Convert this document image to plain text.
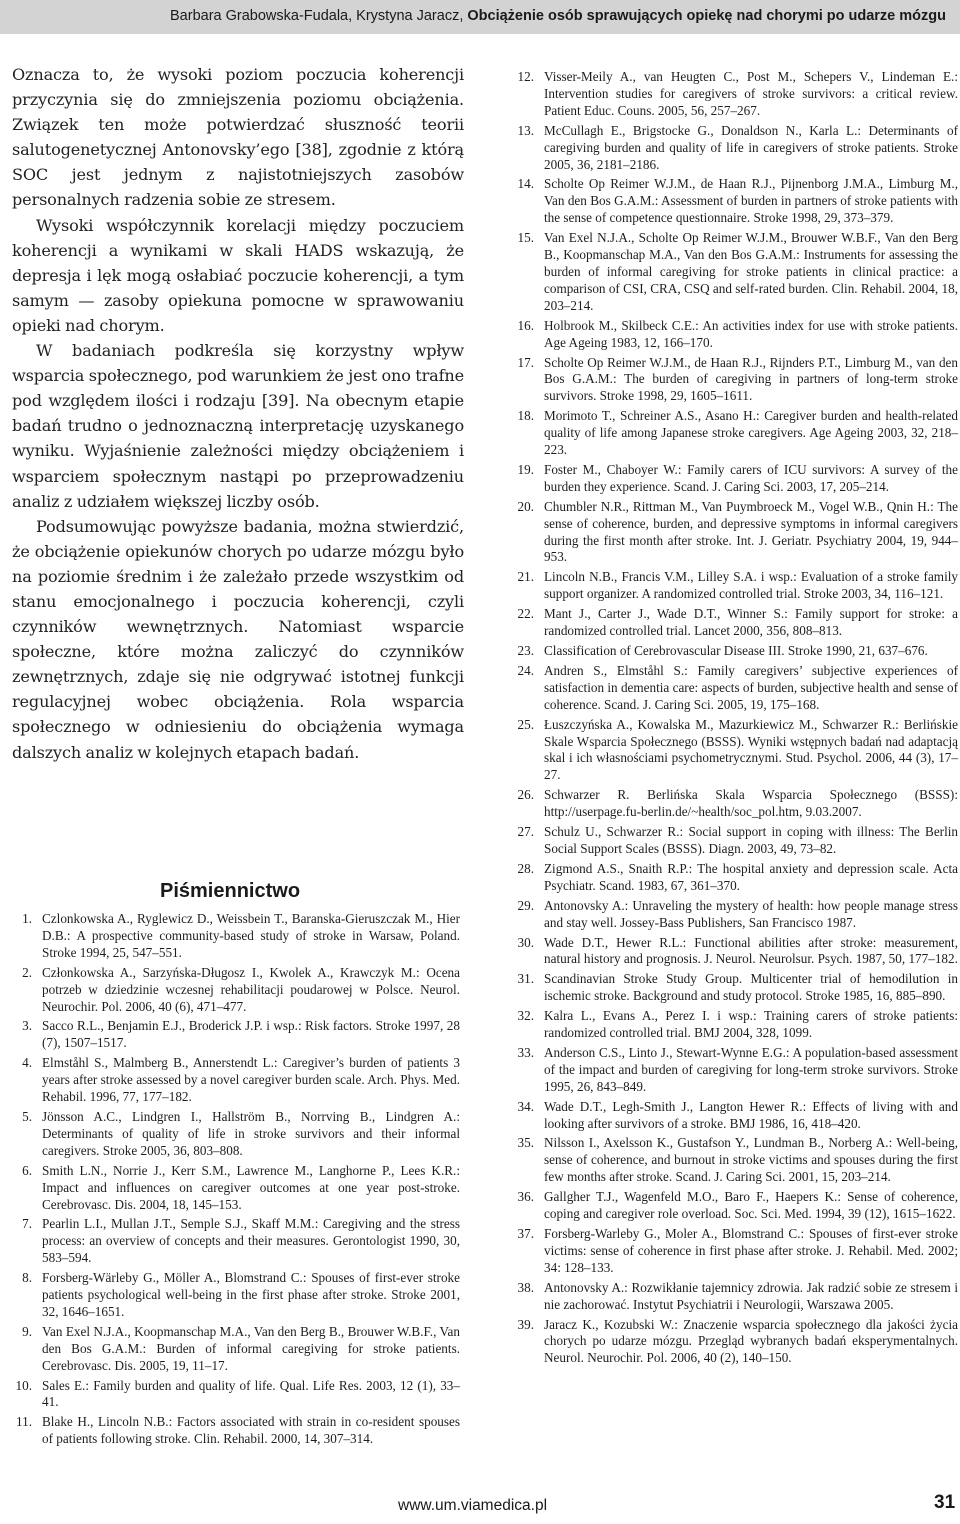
Barbara Grabowska-Fudala, Krystyna Jaracz, Obciążenie osób sprawujących opiekę nad chorymi po udarze mózgu

Oznacza to, że wysoki poziom poczucia koherencji przyczynia się do zmniejszenia poziomu obciążenia. Związek ten może potwierdzać słuszność teorii salutogenetycznej Antonovsky’ego [38], zgodnie z którą SOC jest jednym z najistotniejszych zasobów personalnych radzenia sobie ze stresem.

Wysoki współczynnik korelacji między poczuciem koherencji a wynikami w skali HADS wskazują, że depresja i lęk mogą osłabiać poczucie koherencji, a tym samym — zasoby opiekuna pomocne w sprawowaniu opieki nad chorym.

W badaniach podkreśla się korzystny wpływ wsparcia społecznego, pod warunkiem że jest ono trafne pod względem ilości i rodzaju [39]. Na obecnym etapie badań trudno o jednoznaczną interpretację uzyskanego wyniku. Wyjaśnienie zależności między obciążeniem i wsparciem społecznym nastąpi po przeprowadzeniu analiz z udziałem większej liczby osób.

Podsumowując powyższe badania, można stwierdzić, że obciążenie opiekunów chorych po udarze mózgu było na poziomie średnim i że zależało przede wszystkim od stanu emocjonalnego i poczucia koherencji, czyli czynników wewnętrznych. Natomiast wsparcie społeczne, które można zaliczyć do czynników zewnętrznych, zdaje się nie odgrywać istotnej funkcji regulacyjnej wobec obciążenia. Rola wsparcia społecznego w odniesieniu do obciążenia wymaga dalszych analiz w kolejnych etapach badań.

Piśmiennictwo
1. Czlonkowska A., Ryglewicz D., Weissbein T., Baranska-Gieruszczak M., Hier D.B.: A prospective community-based study of stroke in Warsaw, Poland. Stroke 1994, 25, 547–551.
2. Członkowska A., Sarzyńska-Długosz I., Kwolek A., Krawczyk M.: Ocena potrzeb w dziedzinie wczesnej rehabilitacji poudarowej w Polsce. Neurol. Neurochir. Pol. 2006, 40 (6), 471–477.
3. Sacco R.L., Benjamin E.J., Broderick J.P. i wsp.: Risk factors. Stroke 1997, 28 (7), 1507–1517.
4. Elmståhl S., Malmberg B., Annerstendt L.: Caregiver’s burden of patients 3 years after stroke assessed by a novel caregiver burden scale. Arch. Phys. Med. Rehabil. 1996, 77, 177–182.
5. Jönsson A.C., Lindgren I., Hallström B., Norrving B., Lindgren A.: Determinants of quality of life in stroke survivors and their informal caregivers. Stroke 2005, 36, 803–808.
6. Smith L.N., Norrie J., Kerr S.M., Lawrence M., Langhorne P., Lees K.R.: Impact and influences on caregiver outcomes at one year post-stroke. Cerebrovasc. Dis. 2004, 18, 145–153.
7. Pearlin L.I., Mullan J.T., Semple S.J., Skaff M.M.: Caregiving and the stress process: an overview of concepts and their measures. Gerontologist 1990, 30, 583–594.
8. Forsberg-Wärleby G., Möller A., Blomstrand C.: Spouses of first-ever stroke patients psychological well-being in the first phase after stroke. Stroke 2001, 32, 1646–1651.
9. Van Exel N.J.A., Koopmanschap M.A., Van den Berg B., Brouwer W.B.F., Van den Bos G.A.M.: Burden of informal caregiving for stroke patients. Cerebrovasc. Dis. 2005, 19, 11–17.
10. Sales E.: Family burden and quality of life. Qual. Life Res. 2003, 12 (1), 33–41.
11. Blake H., Lincoln N.B.: Factors associated with strain in co-resident spouses of patients following stroke. Clin. Rehabil. 2000, 14, 307–314.
12. Visser-Meily A., van Heugten C., Post M., Schepers V., Lindeman E.: Intervention studies for caregivers of stroke survivors: a critical review. Patient Educ. Couns. 2005, 56, 257–267.
13. McCullagh E., Brigstocke G., Donaldson N., Karla L.: Determinants of caregiving burden and quality of life in caregivers of stroke patients. Stroke 2005, 36, 2181–2186.
14. Scholte Op Reimer W.J.M., de Haan R.J., Pijnenborg J.M.A., Limburg M., Van den Bos G.A.M.: Assessment of burden in partners of stroke patients with the sense of competence questionnaire. Stroke 1998, 29, 373–379.
15. Van Exel N.J.A., Scholte Op Reimer W.J.M., Brouwer W.B.F., Van den Berg B., Koopmanschap M.A., Van den Bos G.A.M.: Instruments for assessing the burden of informal caregiving for stroke patients in clinical practice: a comparison of CSI, CRA, CSQ and self-rated burden. Clin. Rehabil. 2004, 18, 203–214.
16. Holbrook M., Skilbeck C.E.: An activities index for use with stroke patients. Age Ageing 1983, 12, 166–170.
17. Scholte Op Reimer W.J.M., de Haan R.J., Rijnders P.T., Limburg M., van den Bos G.A.M.: The burden of caregiving in partners of long-term stroke survivors. Stroke 1998, 29, 1605–1611.
18. Morimoto T., Schreiner A.S., Asano H.: Caregiver burden and health-related quality of life among Japanese stroke caregivers. Age Ageing 2003, 32, 218–223.
19. Foster M., Chaboyer W.: Family carers of ICU survivors: A survey of the burden they experience. Scand. J. Caring Sci. 2003, 17, 205–214.
20. Chumbler N.R., Rittman M., Van Puymbroeck M., Vogel W.B., Qnin H.: The sense of coherence, burden, and depressive symptoms in informal caregivers during the first month after stroke. Int. J. Geriatr. Psychiatry 2004, 19, 944–953.
21. Lincoln N.B., Francis V.M., Lilley S.A. i wsp.: Evaluation of a stroke family support organizer. A randomized controlled trial. Stroke 2003, 34, 116–121.
22. Mant J., Carter J., Wade D.T., Winner S.: Family support for stroke: a randomized controlled trial. Lancet 2000, 356, 808–813.
23. Classification of Cerebrovascular Disease III. Stroke 1990, 21, 637–676.
24. Andren S., Elmståhl S.: Family caregivers’ subjective experiences of satisfaction in dementia care: aspects of burden, subjective health and sense of coherence. Scand. J. Caring Sci. 2005, 19, 175–168.
25. Łuszczyńska A., Kowalska M., Mazurkiewicz M., Schwarzer R.: Berlińskie Skale Wsparcia Społecznego (BSSS). Wyniki wstępnych badań nad adaptacją skal i ich własnościami psychometrycznymi. Stud. Psychol. 2006, 44 (3), 17–27.
26. Schwarzer R. Berlińska Skala Wsparcia Społecznego (BSSS): http://userpage.fu-berlin.de/~health/soc_pol.htm, 9.03.2007.
27. Schulz U., Schwarzer R.: Social support in coping with illness: The Berlin Social Support Scales (BSSS). Diagn. 2003, 49, 73–82.
28. Zigmond A.S., Snaith R.P.: The hospital anxiety and depression scale. Acta Psychiatr. Scand. 1983, 67, 361–370.
29. Antonovsky A.: Unraveling the mystery of health: how people manage stress and stay well. Jossey-Bass Publishers, San Francisco 1987.
30. Wade D.T., Hewer R.L.: Functional abilities after stroke: measurement, natural history and prognosis. J. Neurol. Neurolsur. Psych. 1987, 50, 177–182.
31. Scandinavian Stroke Study Group. Multicenter trial of hemodilution in ischemic stroke. Background and study protocol. Stroke 1985, 16, 885–890.
32. Kalra L., Evans A., Perez I. i wsp.: Training carers of stroke patients: randomized controlled trial. BMJ 2004, 328, 1099.
33. Anderson C.S., Linto J., Stewart-Wynne E.G.: A population-based assessment of the impact and burden of caregiving for long-term stroke survivors. Stroke 1995, 26, 843–849.
34. Wade D.T., Legh-Smith J., Langton Hewer R.: Effects of living with and looking after survivors of a stroke. BMJ 1986, 16, 418–420.
35. Nilsson I., Axelsson K., Gustafson Y., Lundman B., Norberg A.: Well-being, sense of coherence, and burnout in stroke victims and spouses during the first few months after stroke. Scand. J. Caring Sci. 2001, 15, 203–214.
36. Gallgher T.J., Wagenfeld M.O., Baro F., Haepers K.: Sense of coherence, coping and caregiver role overload. Soc. Sci. Med. 1994, 39 (12), 1615–1622.
37. Forsberg-Warleby G., Moler A., Blomstrand C.: Spouses of first-ever stroke victims: sense of coherence in first phase after stroke. J. Rehabil. Med. 2002; 34: 128–133.
38. Antonovsky A.: Rozwikłanie tajemnicy zdrowia. Jak radzić sobie ze stresem i nie zachorować. Instytut Psychiatrii i Neurologii, Warszawa 2005.
39. Jaracz K., Kozubski W.: Znaczenie wsparcia społecznego dla jakości życia chorych po udarze mózgu. Przegląd wybranych badań eksperymentalnych. Neurol. Neurochir. Pol. 2006, 40 (2), 140–150.
www.um.viamedica.pl	31
